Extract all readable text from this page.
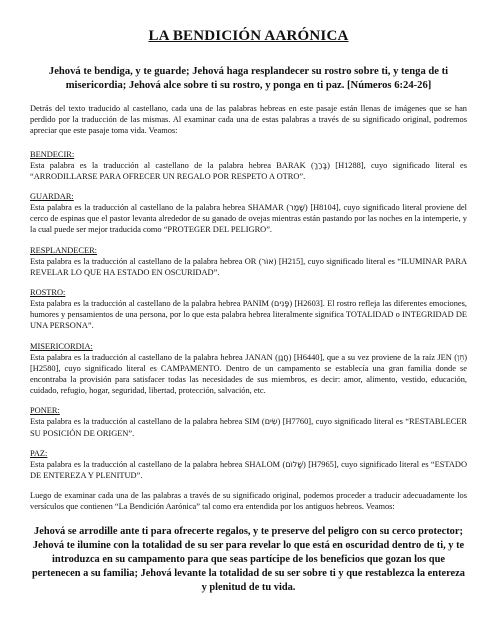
LA BENDICIÓN AARÓNICA

Jehová te bendiga, y te guarde; Jehová haga resplandecer su rostro sobre ti, y tenga de ti misericordia; Jehová alce sobre ti su rostro, y ponga en ti paz. [Números 6:24-26]

Detrás del texto traducido al castellano, cada una de las palabras hebreas en este pasaje están llenas de imágenes que se han perdido por la traducción de las mismas. Al examinar cada una de estas palabras a través de su significado original, podremos apreciar que este pasaje toma vida. Veamos:

BENDECIR:

Esta palabra es la traducción al castellano de la palabra hebrea BARAK (בָּרַךְ) [H1288], cuyo significado literal es “ARRODILLARSE PARA OFRECER UN REGALO POR RESPETO A OTRO”.

GUARDAR:

Esta palabra es la traducción al castellano de la palabra hebrea SHAMAR (שָׁמַר) [H8104], cuyo significado literal proviene del cerco de espinas que el pastor levanta alrededor de su ganado de ovejas mientras están pastando por las noches en la intemperie, y la cual puede ser mejor traducida como “PROTEGER DEL PELIGRO”.

RESPLANDECER:

Esta palabra es la traducción al castellano de la palabra hebrea OR (אוֹר) [H215], cuyo significado literal es “ILUMINAR PARA REVELAR LO QUE HA ESTADO EN OSCURIDAD”.

ROSTRO:

Esta palabra es la traducción al castellano de la palabra hebrea PANIM (פָּנִים) [H2603]. El rostro refleja las diferentes emociones, humores y pensamientos de una persona, por lo que esta palabra hebrea literalmente significa TOTALIDAD o INTEGRIDAD DE UNA PERSONA”.

MISERICORDIA:

Esta palabra es la traducción al castellano de la palabra hebrea JANAN (חָנַן) [H6440], que a su vez proviene de la raíz JEN (חֵן) [H2580], cuyo significado literal es CAMPAMENTO. Dentro de un campamento se establecía una gran familia donde se encontraba la provisión para satisfacer todas las necesidades de sus miembros, es decir: amor, alimento, vestido, educación, cuidado, refugio, hogar, seguridad, libertad, protección, salvación, etc.

PONER:

Esta palabra es la traducción al castellano de la palabra hebrea SIM (שִׂים) [H7760], cuyo significado literal es “RESTABLECER SU POSICIÓN DE ORIGEN”.

PAZ:

Esta palabra es la traducción al castellano de la palabra hebrea SHALOM (שָׁלוֹם) [H7965], cuyo significado literal es “ESTADO DE ENTEREZA Y PLENITUD”.

Luego de examinar cada una de las palabras a través de su significado original, podemos proceder a traducir adecuadamente los versículos que contienen “La Bendición Aarónica” tal como era entendida por los antiguos hebreos. Veamos:

Jehová se arrodille ante ti para ofrecerte regalos, y te preserve del peligro con su cerco protector; Jehová te ilumine con la totalidad de su ser para revelar lo que está en oscuridad dentro de ti, y te introduzca en su campamento para que seas partícipe de los beneficios que gozan los que pertenecen a su familia; Jehová levante la totalidad de su ser sobre ti y que restablezca la entereza y plenitud de tu vida.
